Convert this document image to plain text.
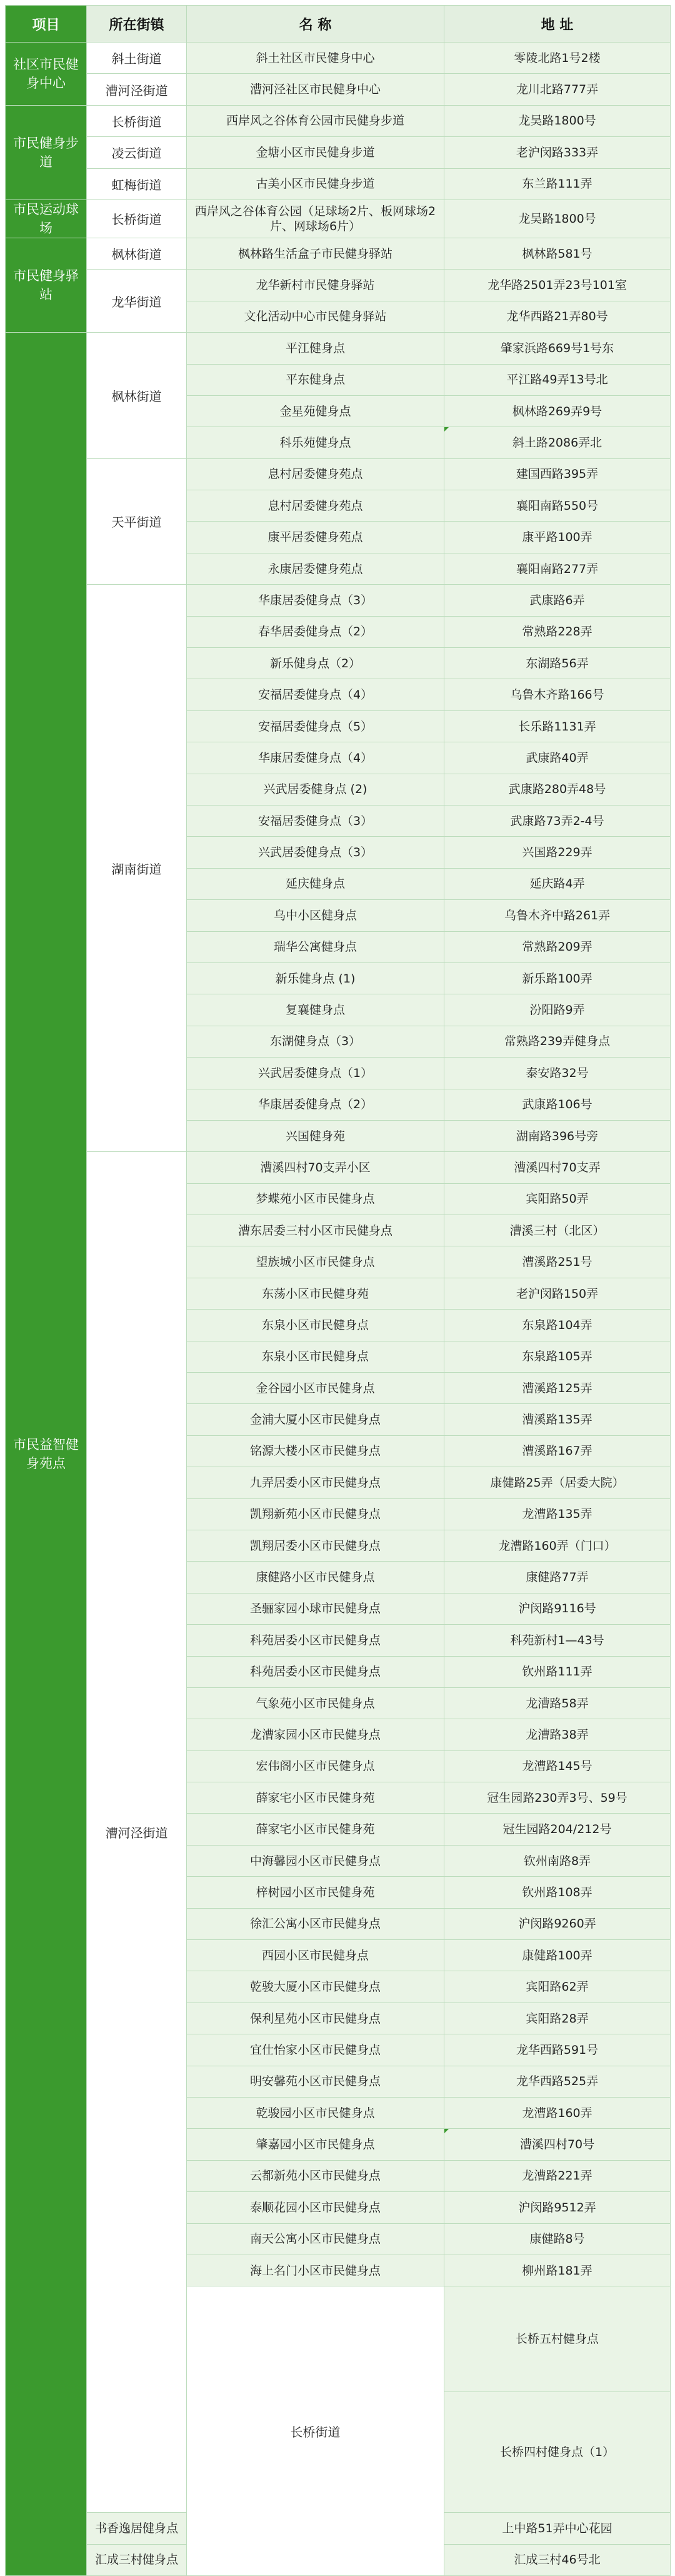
项目	所在街镇	名 称	地 址	
社区市民健身中心	斜土街道	斜土社区市民健身中心	零陵北路1号2楼	
	漕河泾街道	漕河泾社区市民健身中心	龙川北路777弄	
市民健身步道	长桥街道	西岸风之谷体育公园市民健身步道	龙吴路1800号	
	凌云街道	金塘小区市民健身步道	老沪闵路333弄	
	虹梅街道	古美小区市民健身步道	东兰路111弄	
市民运动球场	长桥街道	西岸风之谷体育公园（足球场2片、板网球场2片、网球场6片）	龙吴路1800号	
市民健身驿站	枫林街道	枫林路生活盒子市民健身驿站	枫林路581号	
	龙华街道	龙华新村市民健身驿站	龙华路2501弄23号101室	
		文化活动中心市民健身驿站	龙华西路21弄80号	
市民益智健身苑点	枫林街道	平江健身点	肇家浜路669号1号东	
		平东健身点	平江路49弄13号北	
		金星苑健身点	枫林路269弄9号	
		科乐苑健身点	斜土路2086弄北	

	天平街道	息村居委健身苑点	建国西路395弄	
		息村居委健身苑点	襄阳南路550号	
		康平居委健身苑点	康平路100弄	
		永康居委健身苑点	襄阳南路277弄	
	湖南街道	华康居委健身点（3）	武康路6弄	
		春华居委健身点（2）	常熟路228弄	
		新乐健身点（2）	东湖路56弄	
		安福居委健身点（4）	乌鲁木齐路166号	
		安福居委健身点（5）	长乐路1131弄	
		华康居委健身点（4）	武康路40弄	
		兴武居委健身点 (2)	武康路280弄48号	
		安福居委健身点（3）	武康路73弄2-4号	
		兴武居委健身点（3）	兴国路229弄	
		延庆健身点	延庆路4弄	
		乌中小区健身点	乌鲁木齐中路261弄	
		瑞华公寓健身点	常熟路209弄	
		新乐健身点 (1)	新乐路100弄	
		复襄健身点	汾阳路9弄	
		东湖健身点（3）	常熟路239弄健身点	
		兴武居委健身点（1）	泰安路32号	
		华康居委健身点（2）	武康路106号	
		兴国健身苑	湖南路396号旁	
	漕河泾街道	漕溪四村70支弄小区	漕溪四村70支弄	
		梦蝶苑小区市民健身点	宾阳路50弄	
		漕东居委三村小区市民健身点	漕溪三村（北区）	
		望族城小区市民健身点	漕溪路251号	
		东荡小区市民健身苑	老沪闵路150弄	
		东泉小区市民健身点	东泉路104弄	
		东泉小区市民健身点	东泉路105弄	
		金谷园小区市民健身点	漕溪路125弄	
		金浦大厦小区市民健身点	漕溪路135弄	
		铭源大楼小区市民健身点	漕溪路167弄	
		九弄居委小区市民健身点	康健路25弄（居委大院）	
		凯翔新苑小区市民健身点	龙漕路135弄	
		凯翔居委小区市民健身点	龙漕路160弄（门口）	
		康健路小区市民健身点	康健路77弄	
		圣骊家园小球市民健身点	沪闵路9116号	
		科苑居委小区市民健身点	科苑新村1—43号	
		科苑居委小区市民健身点	钦州路111弄	
		气象苑小区市民健身点	龙漕路58弄	
		龙漕家园小区市民健身点	龙漕路38弄	
		宏伟阁小区市民健身点	龙漕路145号	
		薛家宅小区市民健身苑	冠生园路230弄3号、59号	
		薛家宅小区市民健身苑	冠生园路204/212号	
		中海馨园小区市民健身点	钦州南路8弄	
		梓树园小区市民健身苑	钦州路108弄	
		徐汇公寓小区市民健身点	沪闵路9260弄	
		西园小区市民健身点	康健路100弄	
		乾骏大厦小区市民健身点	宾阳路62弄	
		保利星苑小区市民健身点	宾阳路28弄	
		宜仕怡家小区市民健身点	龙华西路591号	
		明安馨苑小区市民健身点	龙华西路525弄	
		乾骏园小区市民健身点	龙漕路160弄	
		肇嘉园小区市民健身点	漕溪四村70号	

		云都新苑小区市民健身点	龙漕路221弄	
		泰顺花园小区市民健身点	沪闵路9512弄	
		南天公寓小区市民健身点	康健路8号	
		海上名门小区市民健身点	柳州路181弄	
		长桥街道	长桥五村健身点	
			长桥四村健身点（1）	
	书香逸居健身点		上中路51弄中心花园	
	汇成三村健身点		汇成三村46号北	
